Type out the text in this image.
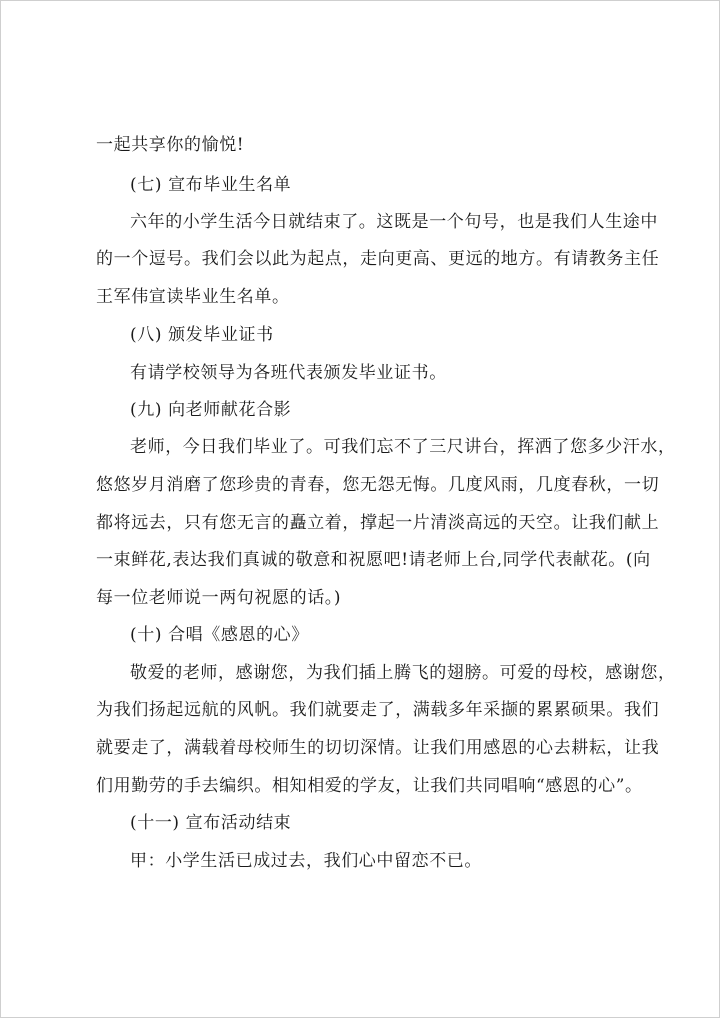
一起共享你的愉悦!
(七) 宣布毕业生名单
六年的小学生活今日就结束了。这既是一个句号，也是我们人生途中
的一个逗号。我们会以此为起点，走向更高、更远的地方。有请教务主任
王军伟宣读毕业生名单。
(八) 颁发毕业证书
有请学校领导为各班代表颁发毕业证书。
(九) 向老师献花合影
老师，今日我们毕业了。可我们忘不了三尺讲台，挥洒了您多少汗水，
悠悠岁月消磨了您珍贵的青春，您无怨无悔。几度风雨，几度春秋，一切
都将远去，只有您无言的矗立着，撑起一片清淡高远的天空。让我们献上
一束鲜花,表达我们真诚的敬意和祝愿吧!请老师上台,同学代表献花。(向
每一位老师说一两句祝愿的话。)
(十) 合唱《感恩的心》
敬爱的老师，感谢您，为我们插上腾飞的翅膀。可爱的母校，感谢您，
为我们扬起远航的风帆。我们就要走了，满载多年采撷的累累硕果。我们
就要走了，满载着母校师生的切切深情。让我们用感恩的心去耕耘，让我
们用勤劳的手去编织。相知相爱的学友，让我们共同唱响“感恩的心”。
(十一) 宣布活动结束
甲：小学生活已成过去，我们心中留恋不已。
